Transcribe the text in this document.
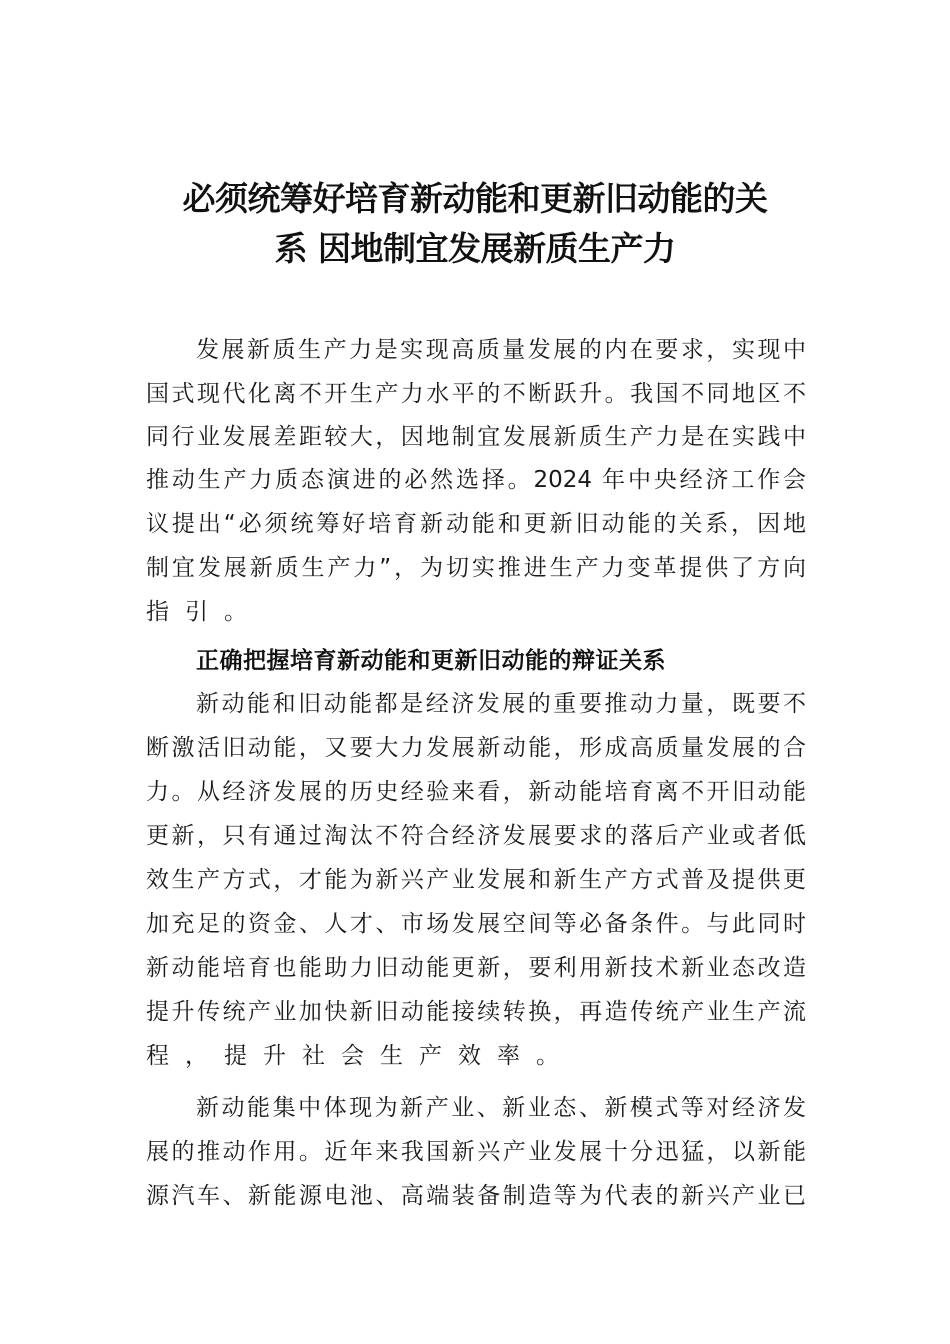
必须统筹好培育新动能和更新旧动能的关
系 因地制宜发展新质生产力
发展新质生产力是实现高质量发展的内在要求，实现中
国式现代化离不开生产力水平的不断跃升。我国不同地区不
同行业发展差距较大，因地制宜发展新质生产力是在实践中
推动生产力质态演进的必然选择。2024 年中央经济工作会
议提出“必须统筹好培育新动能和更新旧动能的关系，因地
制宜发展新质生产力”，为切实推进生产力变革提供了方向
指引。
正确把握培育新动能和更新旧动能的辩证关系
新动能和旧动能都是经济发展的重要推动力量，既要不
断激活旧动能，又要大力发展新动能，形成高质量发展的合
力。从经济发展的历史经验来看，新动能培育离不开旧动能
更新，只有通过淘汰不符合经济发展要求的落后产业或者低
效生产方式，才能为新兴产业发展和新生产方式普及提供更
加充足的资金、人才、市场发展空间等必备条件。与此同时
新动能培育也能助力旧动能更新，要利用新技术新业态改造
提升传统产业加快新旧动能接续转换，再造传统产业生产流
程，提升社会生产效率。
新动能集中体现为新产业、新业态、新模式等对经济发
展的推动作用。近年来我国新兴产业发展十分迅猛，以新能
源汽车、新能源电池、高端装备制造等为代表的新兴产业已
